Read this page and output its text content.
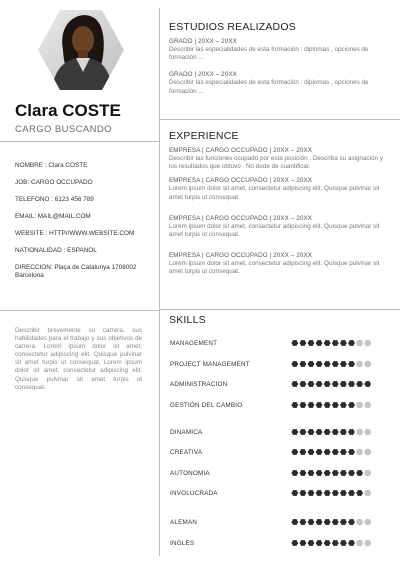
Clara COSTE
CARGO BUSCANDO
NOMBRE : Clara COSTE
JOB: CARGO OCCUPADO
TELEFONO : 6123 456 789
EMAIL: MAIL@MAIL.COM
WEBSITE : HTTP//WWW.WEBSITE.COM
NATIONALIDAD : ESPANOL
DIRECCION: Plaça de Catalunya 1708002
Barcelona
Describir brevemente su carrera, sus habilidades para el trabajo y sus objetivos de carrera. Lorem ipsum dolor sit amet, consectetur adipiscing elit. Quisque pulvinar sit amet turpis ut consequat. Lorem ipsum dolor sit amet, consectetur adipiscing elit. Quisque pulvinar sit amet turpis ut consequat.
ESTUDIOS REALIZADOS
GRADO | 20XX – 20XX
Describir las especialidades de esta formación : diplomas , opciones de formación ...
GRADO | 20XX – 20XX
Describir las especialidades de esta formación : diplomas , opciones de formación ...
EXPERIENCE
EMPRESA | CARGO OCCUPADO | 20XX – 20XX
Describir las funciones ocupado por esta posición . Describa su asignación y los resultados que obtuvo . No dude de cuantificar.
EMPRESA | CARGO OCCUPADO | 20XX – 20XX
Lorem ipsum dolor sit amet, consectetur adipiscing elit. Quisque pulvinar sit amet turpis ut consequat.
EMPRESA | CARGO OCCUPADO | 20XX – 20XX
Lorem ipsum dolor sit amet, consectetur adipiscing elit. Quisque pulvinar sit amet turpis ut consequat.
EMPRESA | CARGO OCCUPADO | 20XX – 20XX
Lorem ipsum dolor sit amet, consectetur adipiscing elit. Quisque pulvinar sit amet turpis ut consequat.
SKILLS
MANAGEMENT
PROJECT MANAGEMENT
ADMINISTRACION
GESTIÓN DEL CAMBIO
DINAMICA
CREATIVA
AUTONOMIA
INVOLUCRADA
ALEMAN
INGLES
